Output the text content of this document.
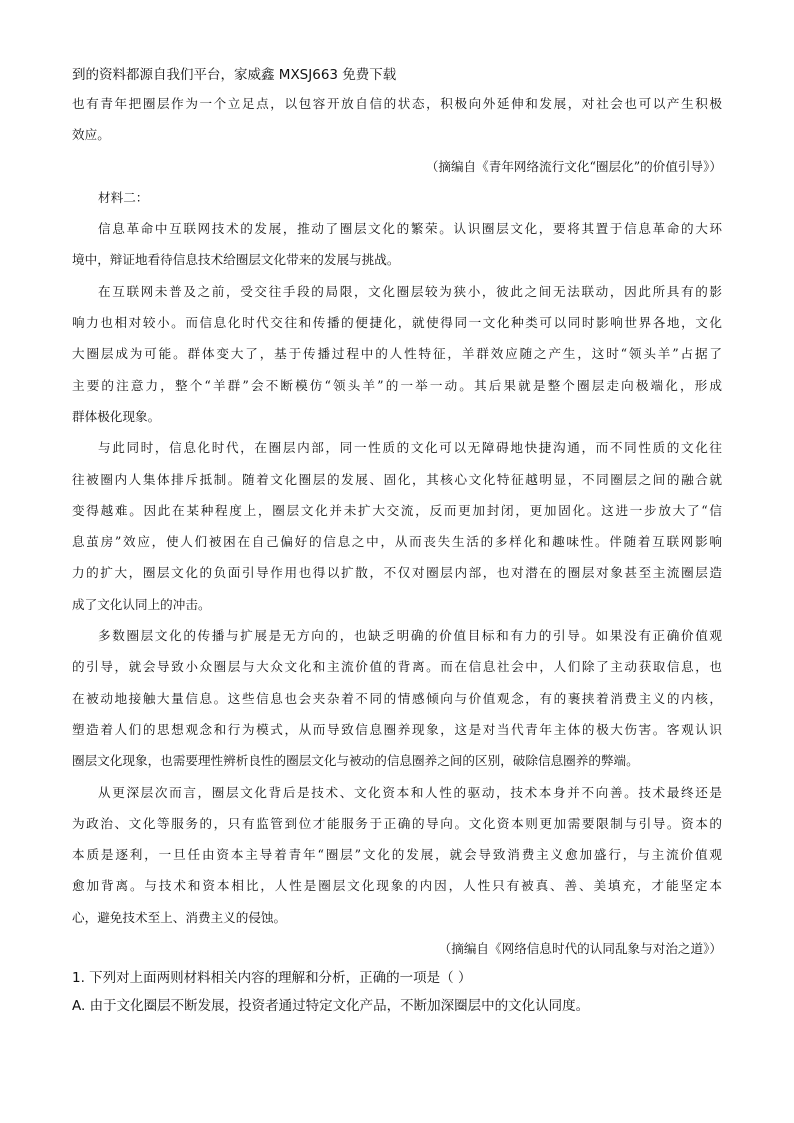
到的资料都源自我们平台，家威鑫 MXSJ663 免费下载
也有青年把圈层作为一个立足点，以包容开放自信的状态，积极向外延伸和发展，对社会也可以产生积极
效应。
（摘编自《青年网络流行文化“圈层化”的价值引导》）
材料二：
信息革命中互联网技术的发展，推动了圈层文化的繁荣。认识圈层文化，要将其置于信息革命的大环
境中，辩证地看待信息技术给圈层文化带来的发展与挑战。
在互联网未普及之前，受交往手段的局限，文化圈层较为狭小，彼此之间无法联动，因此所具有的影
响力也相对较小。而信息化时代交往和传播的便捷化，就使得同一文化种类可以同时影响世界各地，文化
大圈层成为可能。群体变大了，基于传播过程中的人性特征，羊群效应随之产生，这时“领头羊”占据了
主要的注意力，整个“羊群”会不断模仿“领头羊”的一举一动。其后果就是整个圈层走向极端化，形成
群体极化现象。
与此同时，信息化时代，在圈层内部，同一性质的文化可以无障碍地快捷沟通，而不同性质的文化往
往被圈内人集体排斥抵制。随着文化圈层的发展、固化，其核心文化特征越明显，不同圈层之间的融合就
变得越难。因此在某种程度上，圈层文化并未扩大交流，反而更加封闭，更加固化。这进一步放大了“信
息茧房”效应，使人们被困在自己偏好的信息之中，从而丧失生活的多样化和趣味性。伴随着互联网影响
力的扩大，圈层文化的负面引导作用也得以扩散，不仅对圈层内部，也对潜在的圈层对象甚至主流圈层造
成了文化认同上的冲击。
多数圈层文化的传播与扩展是无方向的，也缺乏明确的价值目标和有力的引导。如果没有正确价值观
的引导，就会导致小众圈层与大众文化和主流价值的背离。而在信息社会中，人们除了主动获取信息，也
在被动地接触大量信息。这些信息也会夹杂着不同的情感倾向与价值观念，有的裹挟着消费主义的内核，
塑造着人们的思想观念和行为模式，从而导致信息圈养现象，这是对当代青年主体的极大伤害。客观认识
圈层文化现象，也需要理性辨析良性的圈层文化与被动的信息圈养之间的区别，破除信息圈养的弊端。
从更深层次而言，圈层文化背后是技术、文化资本和人性的驱动，技术本身并不向善。技术最终还是
为政治、文化等服务的，只有监管到位才能服务于正确的导向。文化资本则更加需要限制与引导。资本的
本质是逐利，一旦任由资本主导着青年“圈层”文化的发展，就会导致消费主义愈加盛行，与主流价值观
愈加背离。与技术和资本相比，人性是圈层文化现象的内因，人性只有被真、善、美填充，才能坚定本
心，避免技术至上、消费主义的侵蚀。
（摘编自《网络信息时代的认同乱象与对治之道》）
1. 下列对上面两则材料相关内容的理解和分析，正确的一项是（ ）
A. 由于文化圈层不断发展，投资者通过特定文化产品，不断加深圈层中的文化认同度。
